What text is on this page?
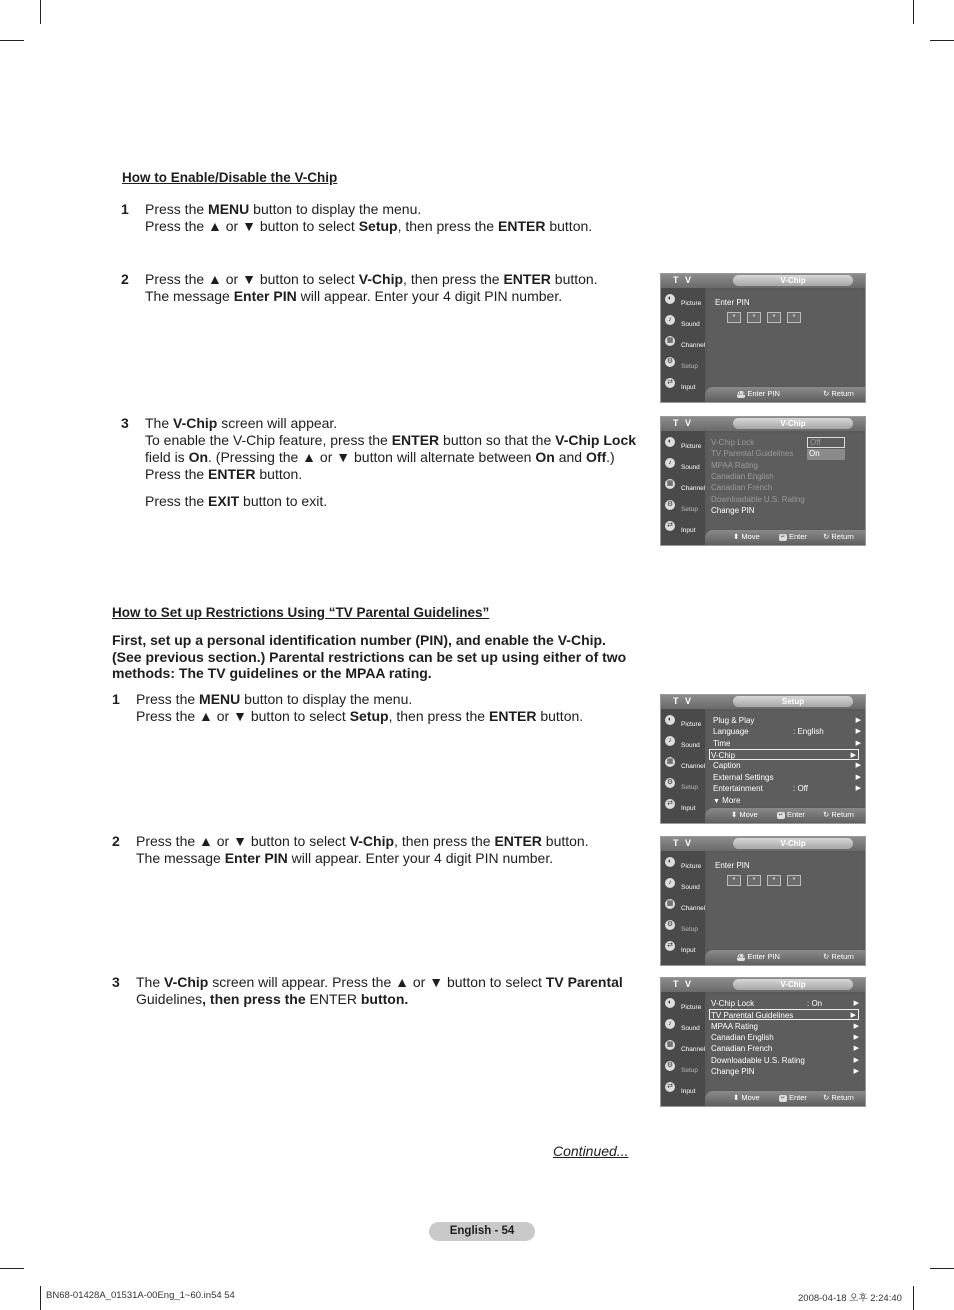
How to Enable/Disable the V-Chip
1 Press the MENU button to display the menu.

Press the ▲ or ▼ button to select Setup, then press the ENTER button.

2 Press the ▲ or ▼ button to select V-Chip, then press the ENTER button.

The message Enter PIN will appear. Enter your 4 digit PIN number.

3 The V-Chip screen will appear.

To enable the V-Chip feature, press the ENTER button so that the V-Chip Lock

field is On. (Pressing the ▲ or ▼ button will alternate between On and Off.)

Press the ENTER button.

Press the EXIT button to exit.

How to Set up Restrictions Using “TV Parental Guidelines”
First, set up a personal identification number (PIN), and enable the V-Chip. (See previous section.) Parental restrictions can be set up using either of two methods: The TV guidelines or the MPAA rating.
1 Press the MENU button to display the menu.

Press the ▲ or ▼ button to select Setup, then press the ENTER button.

2 Press the ▲ or ▼ button to select V-Chip, then press the ENTER button.

The message Enter PIN will appear. Enter your 4 digit PIN number.

3 The V-Chip screen will appear. Press the ▲ or ▼ button to select TV Parental

Guidelines, then press the ENTER button.

T V	V-Chip
◐
Picture
♪
Sound
▦
Channel
⚙
Setup
⇄
Input
Enter PIN
*	*	*	*
0..9 Enter PIN	↻ Return
T V	V-Chip
◐
Picture
♪
Sound
▦
Channel
⚙
Setup
⇄
Input
V-Chip Lock
TV Parental Guidelines
MPAA Rating
Canadian English
Canadian French
Downloadable U.S. Rating
Change PIN
Off
On
⬍ Move	↵ Enter ↻ Return
T V	Setup
◐
Picture
♪
Sound
▦
Channel
⚙
Setup
⇄
Input
Plug & Play	▶
Language	: English	▶
Time	▶
V-Chip	▶
Caption	▶
External Settings	▶
Entertainment	: Off	▶
▼ More
⬍ Move	↵ Enter ↻ Return
T V	V-Chip
◐
Picture
♪
Sound
▦
Channel
⚙
Setup
⇄
Input
Enter PIN
*	*	*	*
0..9 Enter PIN	↻ Return
T V	V-Chip
◐
Picture
♪
Sound
▦
Channel
⚙
Setup
⇄
Input
V-Chip Lock	: On	▶
TV Parental Guidelines	▶
MPAA Rating	▶
Canadian English	▶
Canadian French	▶
Downloadable U.S. Rating	▶
Change PIN	▶
⬍ Move	↵ Enter ↻ Return
Continued...
English - 54
BN68-01428A_01531A-00Eng_1~60.in54 54	2008-04-18 오후 2:24:40
